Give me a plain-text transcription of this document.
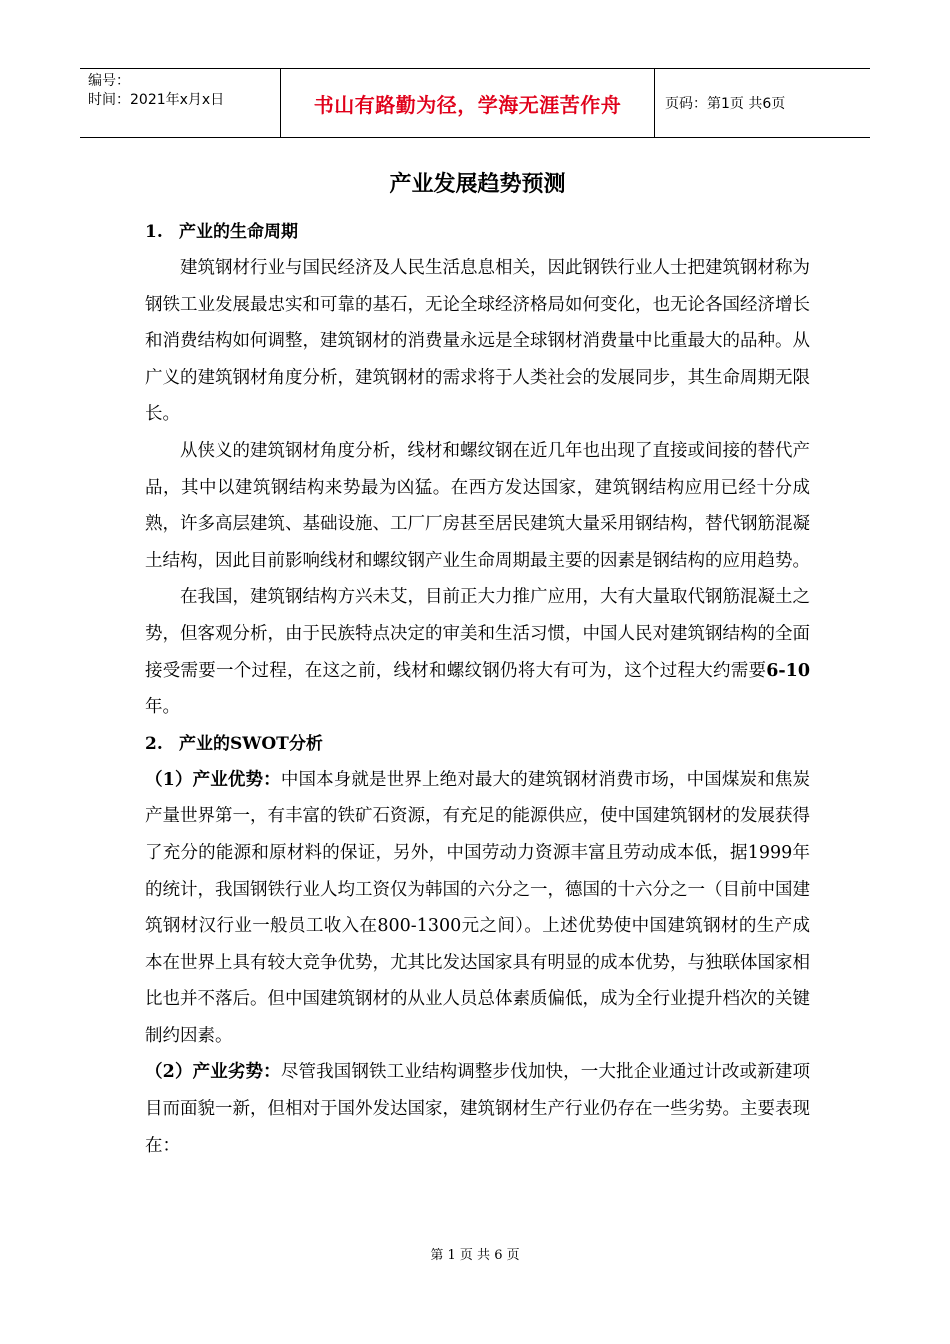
编号：
时间：2021年x月x日	书山有路勤为径，学海无涯苦作舟	页码：第1页 共6页
产业发展趋势预测
1. 产业的生命周期

建筑钢材行业与国民经济及人民生活息息相关，因此钢铁行业人士把建筑钢材称为钢铁工业发展最忠实和可靠的基石，无论全球经济格局如何变化，也无论各国经济增长和消费结构如何调整，建筑钢材的消费量永远是全球钢材消费量中比重最大的品种。从广义的建筑钢材角度分析，建筑钢材的需求将于人类社会的发展同步，其生命周期无限长。

从侠义的建筑钢材角度分析，线材和螺纹钢在近几年也出现了直接或间接的替代产品，其中以建筑钢结构来势最为凶猛。在西方发达国家，建筑钢结构应用已经十分成熟，许多高层建筑、基础设施、工厂厂房甚至居民建筑大量采用钢结构，替代钢筋混凝土结构，因此目前影响线材和螺纹钢产业生命周期最主要的因素是钢结构的应用趋势。

在我国，建筑钢结构方兴未艾，目前正大力推广应用，大有大量取代钢筋混凝土之势，但客观分析，由于民族特点决定的审美和生活习惯，中国人民对建筑钢结构的全面接受需要一个过程，在这之前，线材和螺纹钢仍将大有可为，这个过程大约需要6-10年。

2. 产业的SWOT分析

（1）产业优势：中国本身就是世界上绝对最大的建筑钢材消费市场，中国煤炭和焦炭产量世界第一，有丰富的铁矿石资源，有充足的能源供应，使中国建筑钢材的发展获得了充分的能源和原材料的保证，另外，中国劳动力资源丰富且劳动成本低，据1999年的统计，我国钢铁行业人均工资仅为韩国的六分之一，德国的十六分之一（目前中国建筑钢材汉行业一般员工收入在800-1300元之间）。上述优势使中国建筑钢材的生产成本在世界上具有较大竞争优势，尤其比发达国家具有明显的成本优势，与独联体国家相比也并不落后。但中国建筑钢材的从业人员总体素质偏低，成为全行业提升档次的关键制约因素。

（2）产业劣势：尽管我国钢铁工业结构调整步伐加快，一大批企业通过计改或新建项目而面貌一新，但相对于国外发达国家，建筑钢材生产行业仍存在一些劣势。主要表现在：

第 1 页 共 6 页
